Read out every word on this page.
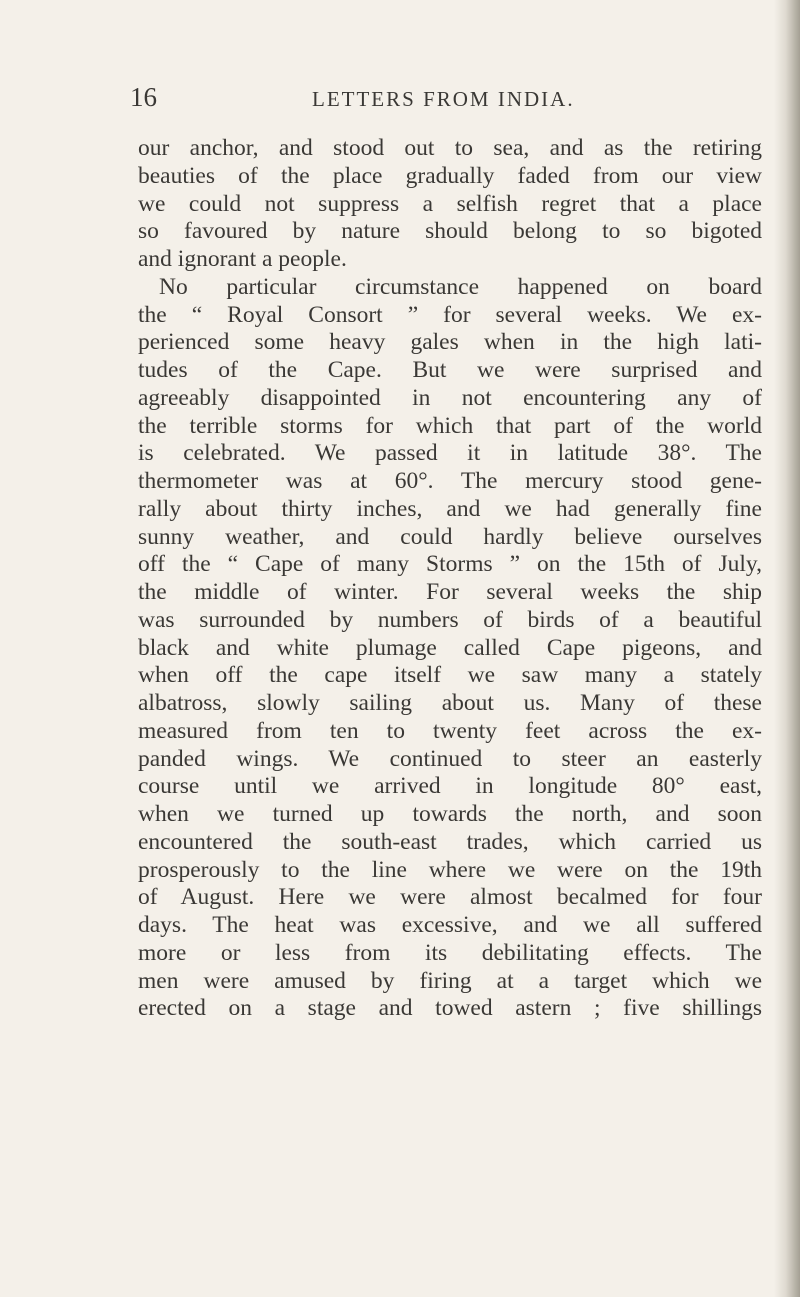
16	LETTERS FROM INDIA.
our anchor, and stood out to sea, and as the retiring
beauties of the place gradually faded from our view
we could not suppress a selfish regret that a place
so favoured by nature should belong to so bigoted
and ignorant a people.
No particular circumstance happened on board
the “ Royal Consort ” for several weeks. We ex-
perienced some heavy gales when in the high lati-
tudes of the Cape. But we were surprised and
agreeably disappointed in not encountering any of
the terrible storms for which that part of the world
is celebrated. We passed it in latitude 38°. The
thermometer was at 60°. The mercury stood gene-
rally about thirty inches, and we had generally fine
sunny weather, and could hardly believe ourselves
off the “ Cape of many Storms ” on the 15th of July,
the middle of winter. For several weeks the ship
was surrounded by numbers of birds of a beautiful
black and white plumage called Cape pigeons, and
when off the cape itself we saw many a stately
albatross, slowly sailing about us. Many of these
measured from ten to twenty feet across the ex-
panded wings. We continued to steer an easterly
course until we arrived in longitude 80° east,
when we turned up towards the north, and soon
encountered the south-east trades, which carried us
prosperously to the line where we were on the 19th
of August. Here we were almost becalmed for four
days. The heat was excessive, and we all suffered
more or less from its debilitating effects. The
men were amused by firing at a target which we
erected on a stage and towed astern ; five shillings
